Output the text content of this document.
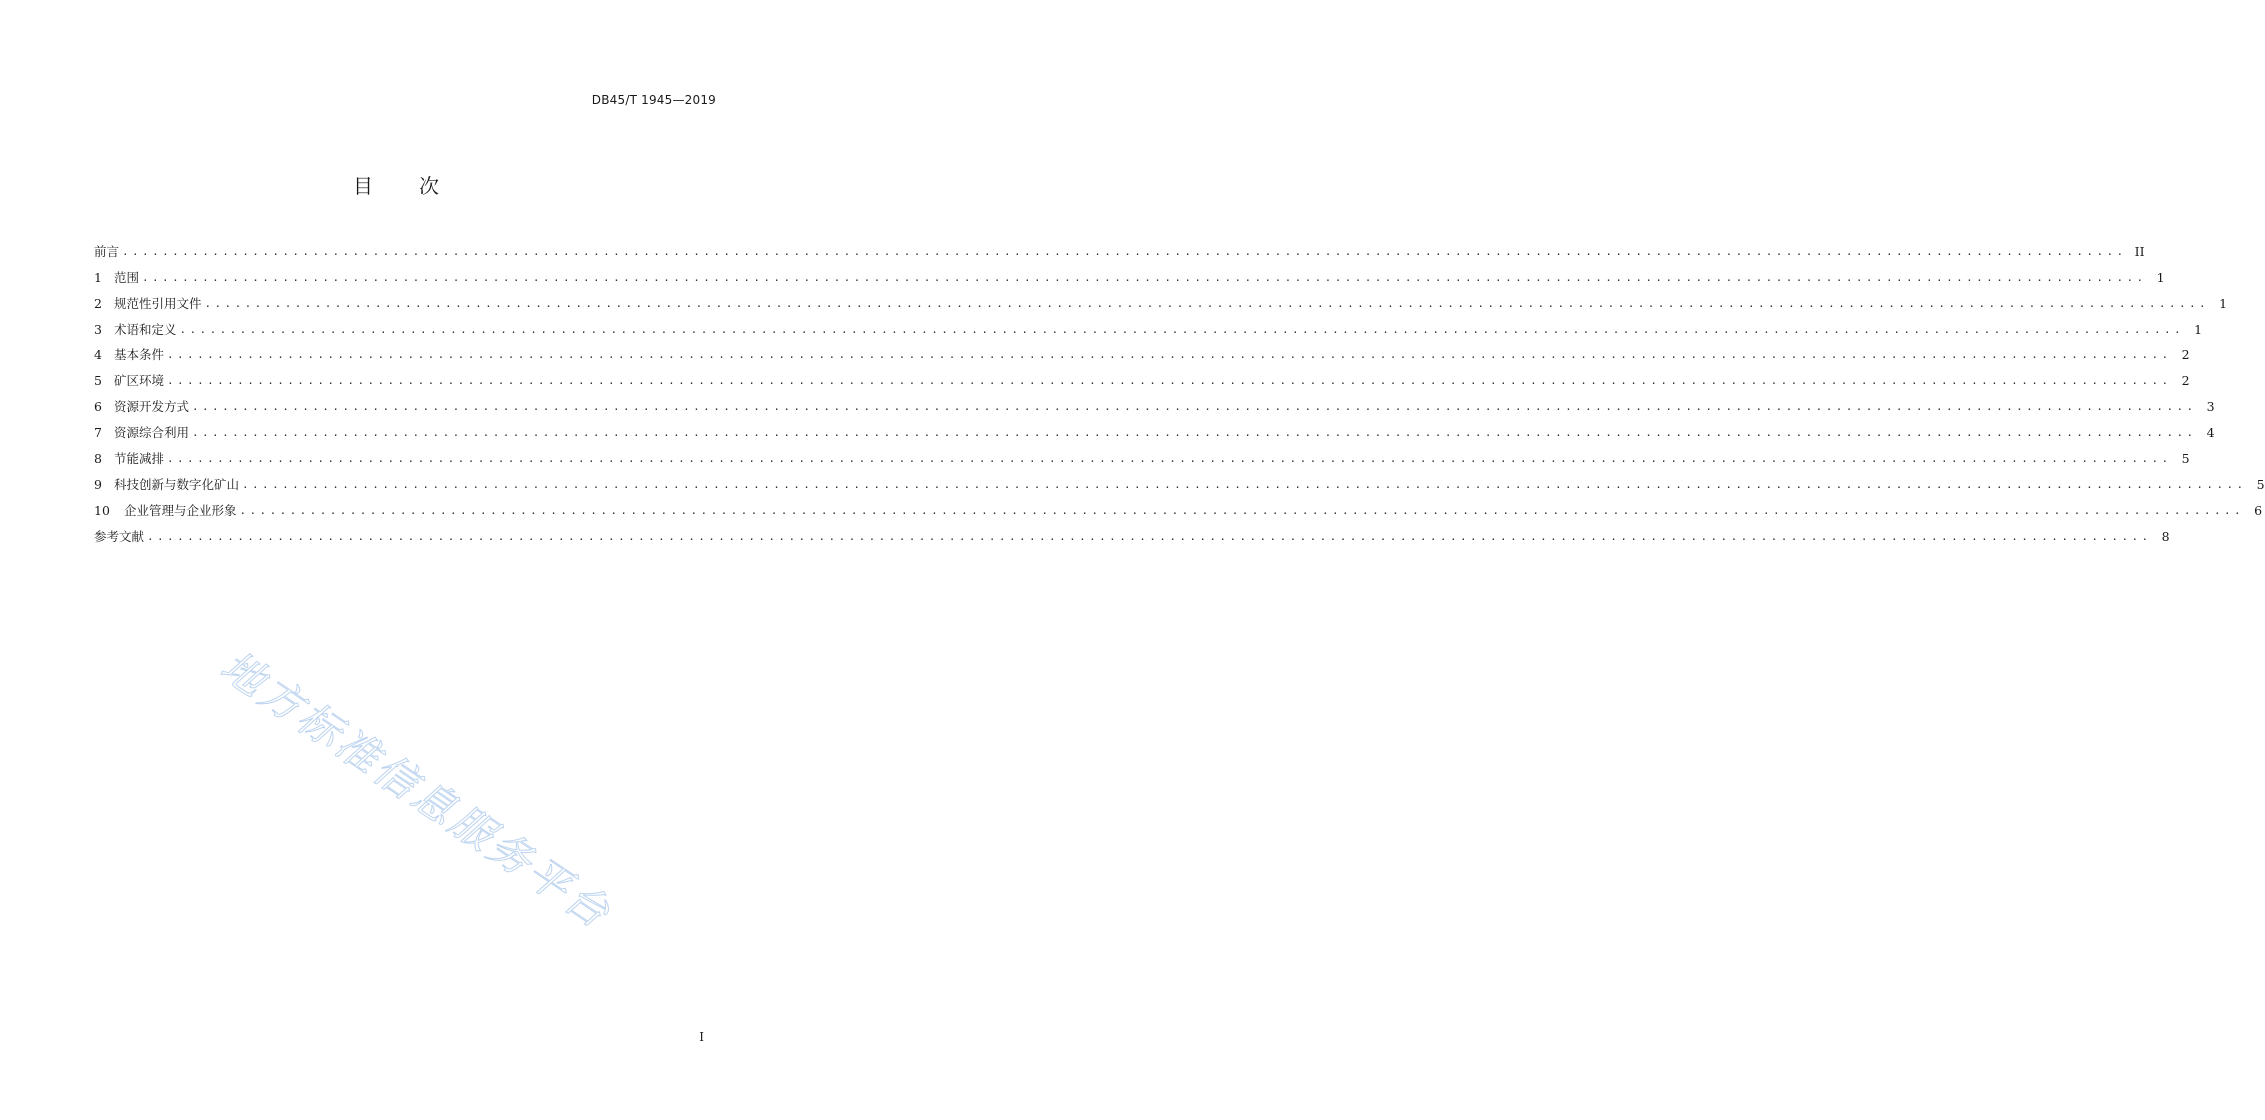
DB45/T 1945—2019
目 次
前言 ........................................................................................................................................................................................................ II
1 范围 ........................................................................................................................................................................................................ 1
2 规范性引用文件 ........................................................................................................................................................................................................ 1
3 术语和定义 ........................................................................................................................................................................................................ 1
4 基本条件 ........................................................................................................................................................................................................ 2
5 矿区环境 ........................................................................................................................................................................................................ 2
6 资源开发方式 ........................................................................................................................................................................................................ 3
7 资源综合利用 ........................................................................................................................................................................................................ 4
8 节能减排 ........................................................................................................................................................................................................ 5
9 科技创新与数字化矿山 ........................................................................................................................................................................................................ 5
10	企业管理与企业形象 ........................................................................................................................................................................................................ 6
参考文献 ........................................................................................................................................................................................................ 8
地方标准信息服务平台
I
